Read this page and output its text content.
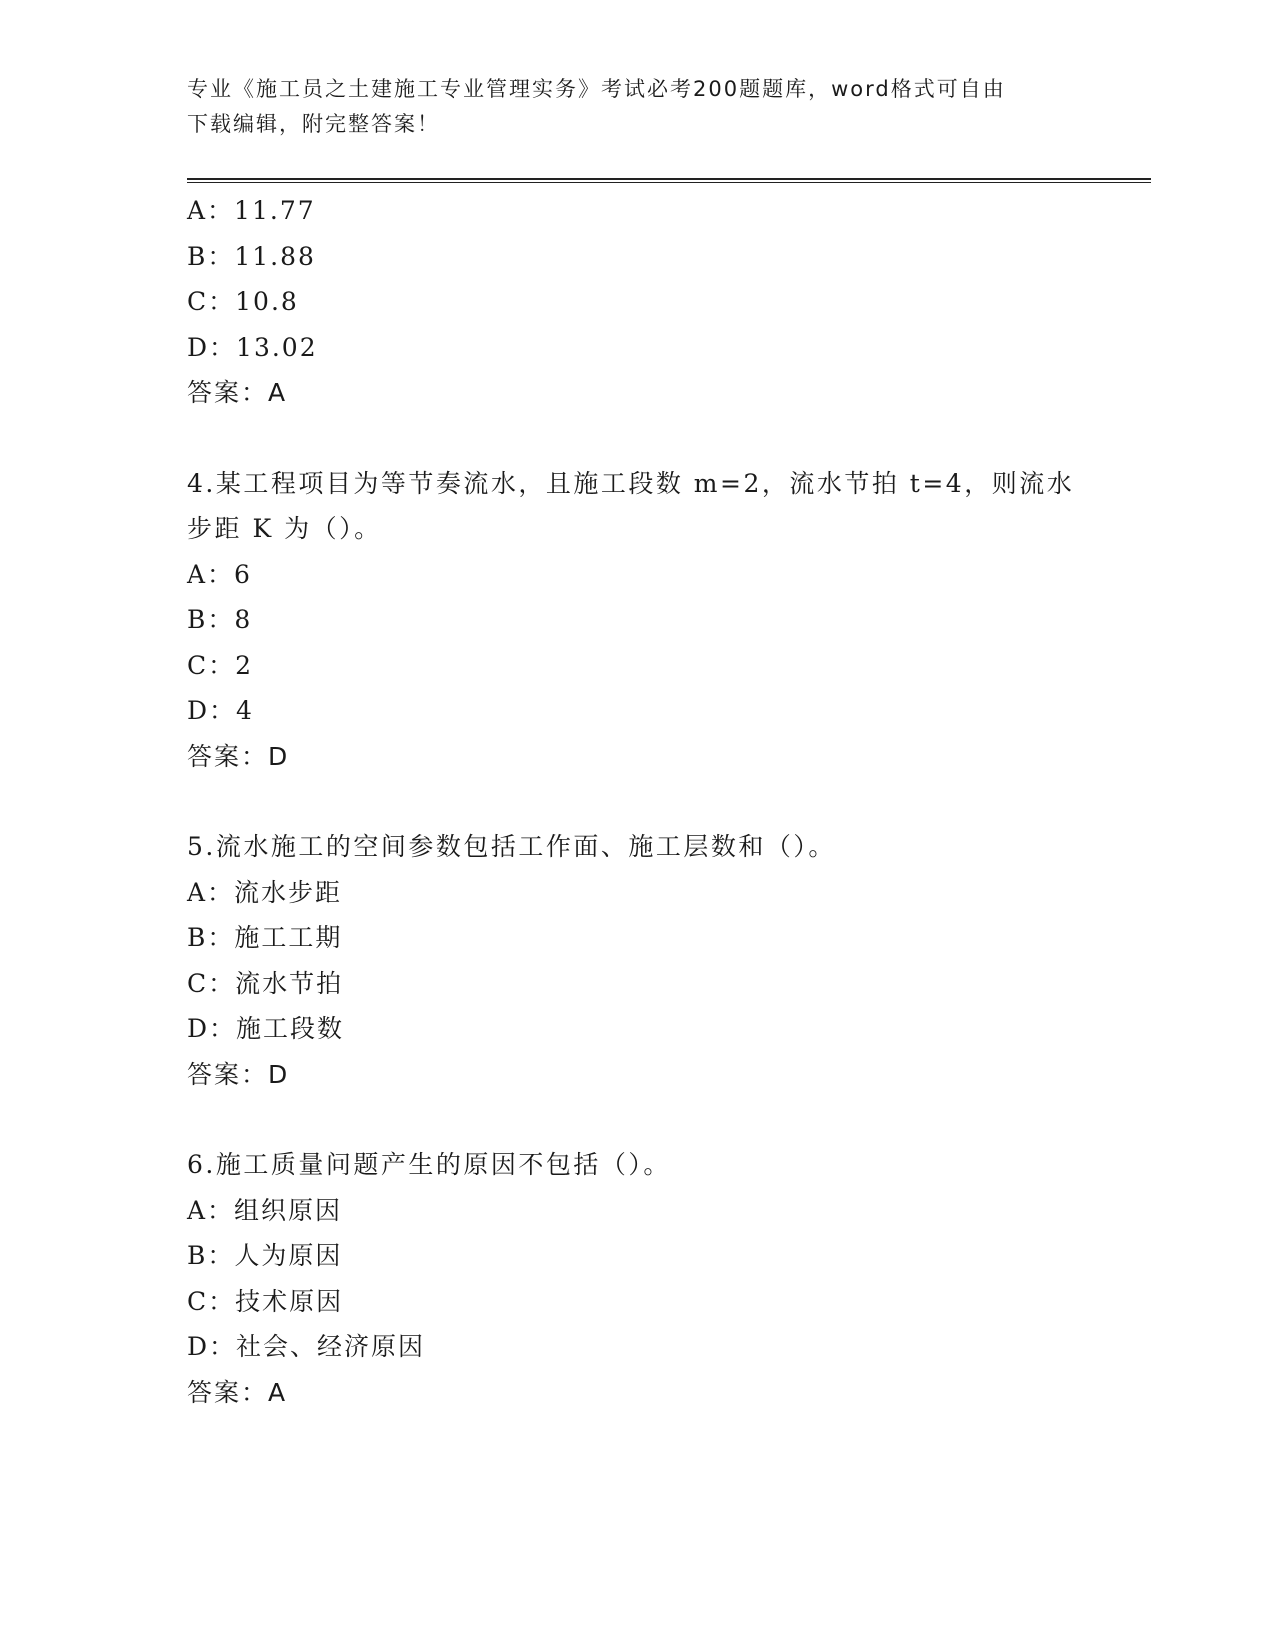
专业《施工员之土建施工专业管理实务》考试必考200题题库，word格式可自由
下载编辑，附完整答案！
A：11.77
B：11.88
C：10.8
D：13.02
答案：A
4.某工程项目为等节奏流水，且施工段数 m=2，流水节拍 t=4，则流水
步距 K 为（）。
A：6
B：8
C：2
D：4
答案：D
5.流水施工的空间参数包括工作面、施工层数和（）。
A：流水步距
B：施工工期
C：流水节拍
D：施工段数
答案：D
6.施工质量问题产生的原因不包括（）。
A：组织原因
B：人为原因
C：技术原因
D：社会、经济原因
答案：A
